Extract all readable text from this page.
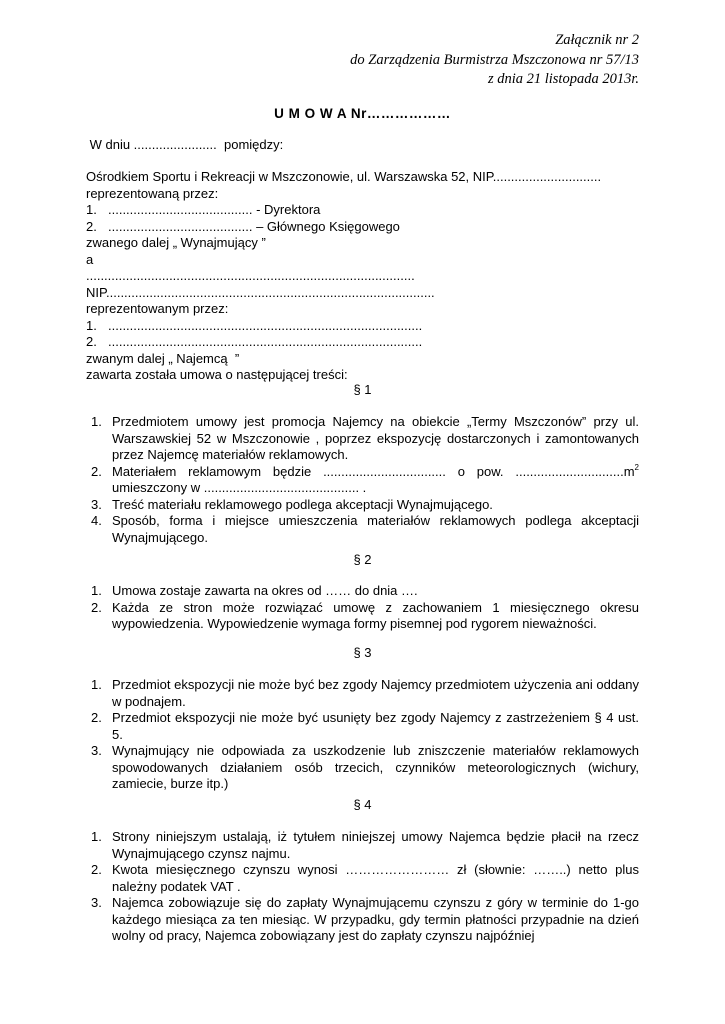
Załącznik nr 2
do Zarządzenia Burmistrza Mszczonowa nr 57/13
z dnia 21 listopada 2013r.
U M O W A Nr………………
W dniu .......................  pomiędzy:
Ośrodkiem Sportu i Rekreacji w Mszczonowie, ul. Warszawska 52, NIP..............................
reprezentowaną przez:
1. ........................................ - Dyrektora
2. ........................................ – Głównego Księgowego
zwanego dalej „ Wynajmujący ”
a
...........................................................................................
NIP...........................................................................................
reprezentowanym przez:
1. .......................................................................................
2. .......................................................................................
zwanym dalej „ Najemcą  ”
zawarta została umowa o następującej treści:
§ 1
1. Przedmiotem umowy jest promocja Najemcy na obiekcie „Termy Mszczonów” przy ul. Warszawskiej 52 w Mszczonowie , poprzez ekspozycję dostarczonych i zamontowanych przez Najemcę materiałów reklamowych.
2. Materiałem reklamowym będzie .................................. o pow. $..............................m^2$ umieszczony w ........................................... .
3. Treść materiału reklamowego podlega akceptacji Wynajmującego.
4. Sposób, forma i miejsce umieszczenia materiałów reklamowych podlega akceptacji Wynajmującego.
§ 2
1. Umowa zostaje zawarta na okres od …… do dnia ….
2. Każda ze stron może rozwiązać umowę z zachowaniem 1 miesięcznego okresu wypowiedzenia. Wypowiedzenie wymaga formy pisemnej pod rygorem nieważności.
§ 3
1. Przedmiot ekspozycji nie może być bez zgody Najemcy przedmiotem użyczenia ani oddany w podnajem.
2. Przedmiot ekspozycji nie może być usunięty bez zgody Najemcy z zastrzeżeniem § 4 ust. 5.
3. Wynajmujący nie odpowiada za uszkodzenie lub zniszczenie materiałów reklamowych spowodowanych działaniem osób trzecich, czynników meteorologicznych (wichury, zamiecie, burze itp.)
§ 4
1. Strony niniejszym ustalają, iż tytułem niniejszej umowy Najemca będzie płacił na rzecz Wynajmującego czynsz najmu.
2. Kwota miesięcznego czynszu wynosi …………………… zł (słownie: ……..) netto plus należny podatek VAT .
3. Najemca zobowiązuje się do zapłaty Wynajmującemu czynszu z góry w terminie do 1-go każdego miesiąca za ten miesiąc. W przypadku, gdy termin płatności przypadnie na dzień wolny od pracy, Najemca zobowiązany jest do zapłaty czynszu najpóźniej
